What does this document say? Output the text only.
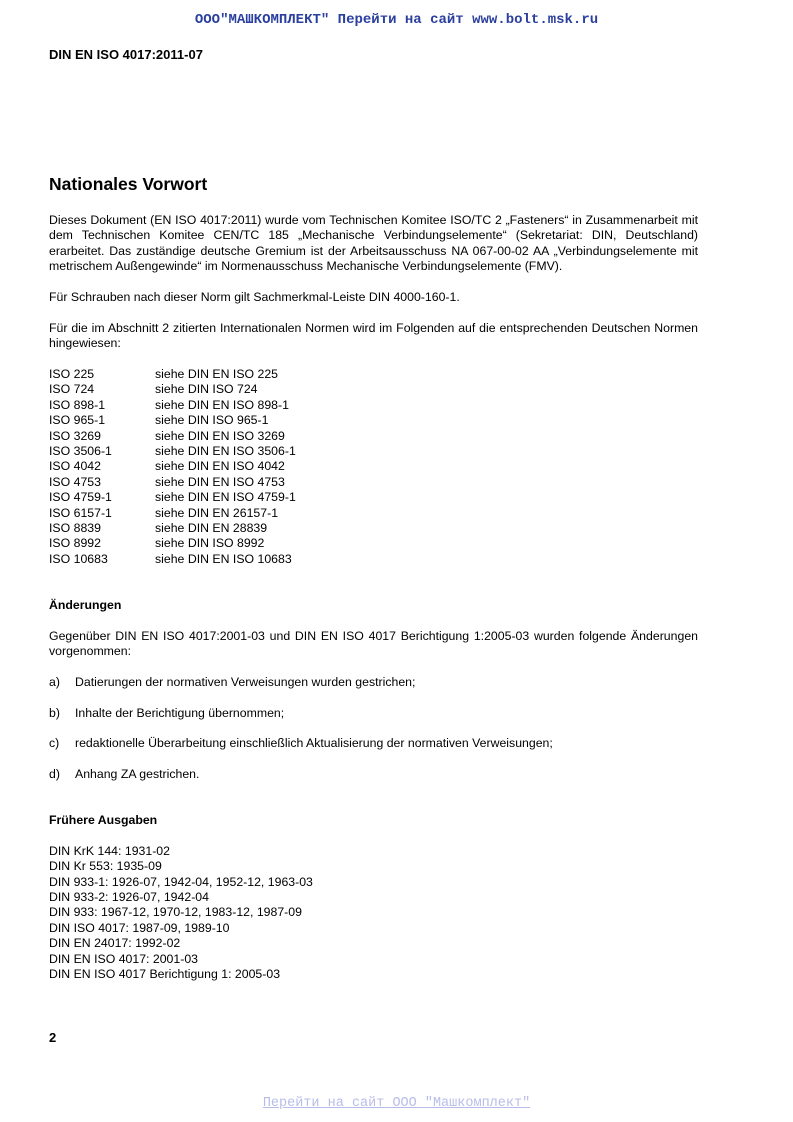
ООО"МАШКОМПЛЕКТ" Перейти на сайт www.bolt.msk.ru
DIN EN ISO 4017:2011-07
Nationales Vorwort

Dieses Dokument (EN ISO 4017:2011) wurde vom Technischen Komitee ISO/TC 2 „Fasteners“ in Zusammenarbeit mit dem Technischen Komitee CEN/TC 185 „Mechanische Verbindungselemente“ (Sekretariat: DIN, Deutschland) erarbeitet. Das zuständige deutsche Gremium ist der Arbeitsausschuss NA 067-00-02 AA „Verbindungselemente mit metrischem Außengewinde“ im Normenausschuss Mechanische Verbindungselemente (FMV).

Für Schrauben nach dieser Norm gilt Sachmerkmal-Leiste DIN 4000-160-1.

Für die im Abschnitt 2 zitierten Internationalen Normen wird im Folgenden auf die entsprechenden Deutschen Normen hingewiesen:

ISO 225	siehe DIN EN ISO 225
ISO 724	siehe DIN ISO 724
ISO 898-1	siehe DIN EN ISO 898-1
ISO 965-1	siehe DIN ISO 965-1
ISO 3269	siehe DIN EN ISO 3269
ISO 3506-1	siehe DIN EN ISO 3506-1
ISO 4042	siehe DIN EN ISO 4042
ISO 4753	siehe DIN EN ISO 4753
ISO 4759-1	siehe DIN EN ISO 4759-1
ISO 6157-1	siehe DIN EN 26157-1
ISO 8839	siehe DIN EN 28839
ISO 8992	siehe DIN ISO 8992
ISO 10683	siehe DIN EN ISO 10683
Änderungen

Gegenüber DIN EN ISO 4017:2001-03 und DIN EN ISO 4017 Berichtigung 1:2005-03 wurden folgende Änderungen vorgenommen:

a)	Datierungen der normativen Verweisungen wurden gestrichen;
b)	Inhalte der Berichtigung übernommen;
c)	redaktionelle Überarbeitung einschließlich Aktualisierung der normativen Verweisungen;
d)	Anhang ZA gestrichen.
Frühere Ausgaben
DIN KrK 144: 1931-02
DIN Kr 553: 1935-09
DIN 933-1: 1926-07, 1942-04, 1952-12, 1963-03
DIN 933-2: 1926-07, 1942-04
DIN 933: 1967-12, 1970-12, 1983-12, 1987-09
DIN ISO 4017: 1987-09, 1989-10
DIN EN 24017: 1992-02
DIN EN ISO 4017: 2001-03
DIN EN ISO 4017 Berichtigung 1: 2005-03
2
Перейти на сайт ООО "Машкомплект"
